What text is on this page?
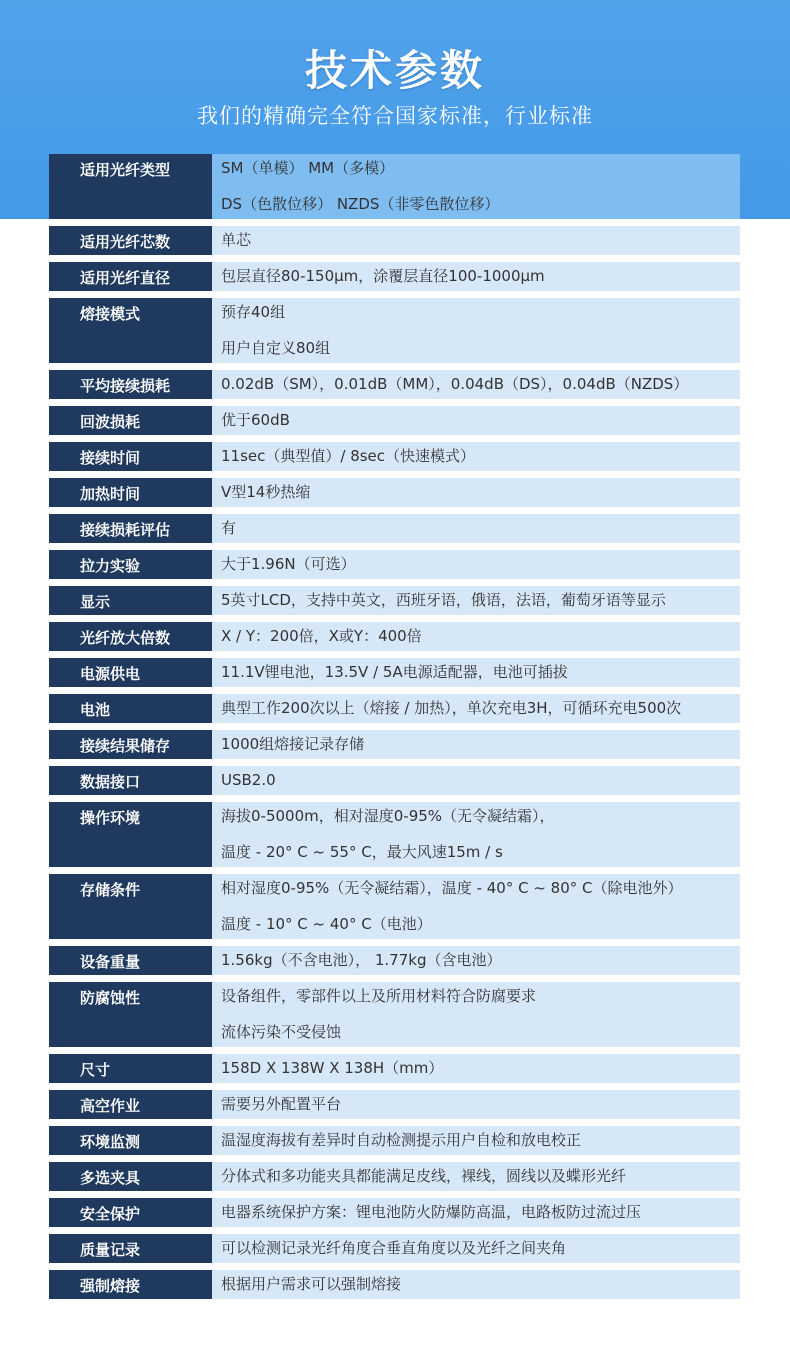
技术参数
我们的精确完全符合国家标准，行业标准
适用光纤类型	SM（单模） MM（多模）
DS（色散位移） NZDS（非零色散位移）
适用光纤芯数	单芯
适用光纤直径	包层直径80-150μm，涂覆层直径100-1000μm
熔接模式	预存40组
用户自定义80组
平均接续损耗	0.02dB（SM），0.01dB（MM），0.04dB（DS），0.04dB（NZDS）
回波损耗	优于60dB
接续时间	11sec（典型值）/ 8sec（快速模式）
加热时间	V型14秒热缩
接续损耗评估	有
拉力实验	大于1.96N（可选）
显示	5英寸LCD，支持中英文，西班牙语，俄语，法语，葡萄牙语等显示
光纤放大倍数	X / Y：200倍，X或Y：400倍
电源供电	11.1V锂电池，13.5V / 5A电源适配器，电池可插拔
电池	典型工作200次以上（熔接 / 加热），单次充电3H，可循环充电500次
接续结果储存	1000组熔接记录存储
数据接口	USB2.0
操作环境	海拔0-5000m，相对湿度0-95%（无令凝结霜），
温度 - 20° C ~ 55° C，最大风速15m / s
存储条件	相对湿度0-95%（无令凝结霜），温度 - 40° C ~ 80° C（除电池外）
温度 - 10° C ~ 40° C（电池）
设备重量	1.56kg（不含电池）， 1.77kg（含电池）
防腐蚀性	设备组件，零部件以上及所用材料符合防腐要求
流体污染不受侵蚀
尺寸	158D X 138W X 138H（mm）
高空作业	需要另外配置平台
环境监测	温湿度海拔有差异时自动检测提示用户自检和放电校正
多选夹具	分体式和多功能夹具都能满足皮线，裸线，圆线以及蝶形光纤
安全保护	电器系统保护方案：锂电池防火防爆防高温，电路板防过流过压
质量记录	可以检测记录光纤角度合垂直角度以及光纤之间夹角
强制熔接	根据用户需求可以强制熔接
